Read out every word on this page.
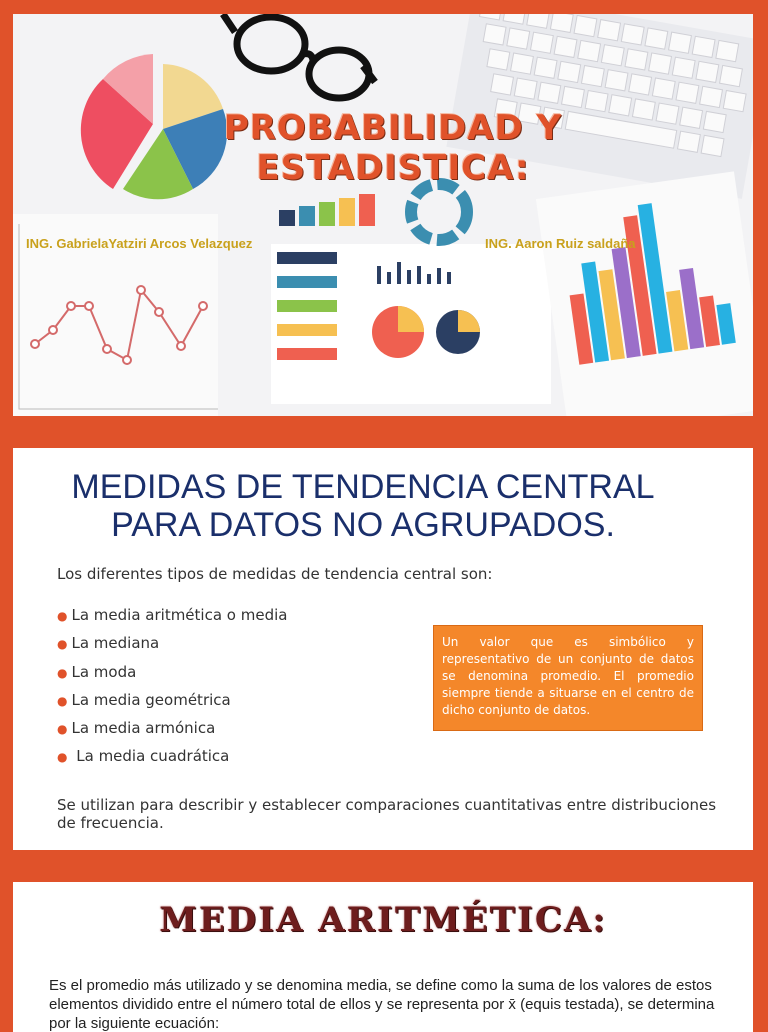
PROBABILIDAD Y
ESTADISTICA:
ING. GabrielaYatziri Arcos Velazquez	ING. Aaron Ruiz saldaña
MEDIDAS DE TENDENCIA CENTRAL
PARA DATOS NO AGRUPADOS.
Los diferentes tipos de medidas de tendencia central son:
● La media aritmética o media
● La mediana
● La moda
● La media geométrica
● La media armónica
● La media cuadrática
Un valor que es simbólico y representativo de un conjunto de datos se denomina promedio. El promedio siempre tiende a situarse en el centro de dicho conjunto de datos.
Se utilizan para describir y establecer comparaciones cuantitativas entre distribuciones de frecuencia.
MEDIA ARITMÉTICA:
Es el promedio más utilizado y se denomina media, se define como la suma de los valores de estos elementos dividido entre el número total de ellos y se representa por x̄ (equis testada), se determina por la siguiente ecuación:
